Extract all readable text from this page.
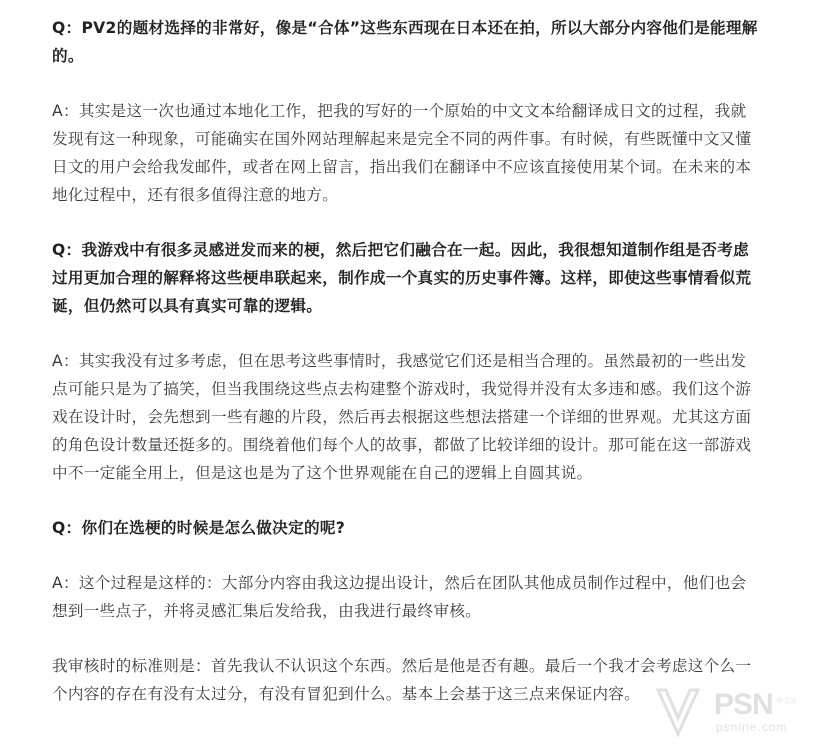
Q：PV2的题材选择的非常好，像是“合体”这些东西现在日本还在拍，所以大部分内容他们是能理解的。

A：其实是这一次也通过本地化工作，把我的写好的一个原始的中文文本给翻译成日文的过程，我就发现有这一种现象，可能确实在国外网站理解起来是完全不同的两件事。有时候，有些既懂中文又懂日文的用户会给我发邮件，或者在网上留言，指出我们在翻译中不应该直接使用某个词。在未来的本地化过程中，还有很多值得注意的地方。

Q：我游戏中有很多灵感迸发而来的梗，然后把它们融合在一起。因此，我很想知道制作组是否考虑过用更加合理的解释将这些梗串联起来，制作成一个真实的历史事件簿。这样，即使这些事情看似荒诞，但仍然可以具有真实可靠的逻辑。

A：其实我没有过多考虑，但在思考这些事情时，我感觉它们还是相当合理的。虽然最初的一些出发点可能只是为了搞笑，但当我围绕这些点去构建整个游戏时，我觉得并没有太多违和感。我们这个游戏在设计时，会先想到一些有趣的片段，然后再去根据这些想法搭建一个详细的世界观。尤其这方面的角色设计数量还挺多的。围绕着他们每个人的故事，都做了比较详细的设计。那可能在这一部游戏中不一定能全用上，但是这也是为了这个世界观能在自己的逻辑上自圆其说。

Q：你们在选梗的时候是怎么做决定的呢?

A：这个过程是这样的：大部分内容由我这边提出设计，然后在团队其他成员制作过程中，他们也会想到一些点子，并将灵感汇集后发给我，由我进行最终审核。

我审核时的标准则是：首先我认不认识这个东西。然后是他是否有趣。最后一个我才会考虑这个么一个内容的存在有没有太过分，有没有冒犯到什么。基本上会基于这三点来保证内容。	PSN 中文站
psnine.com
